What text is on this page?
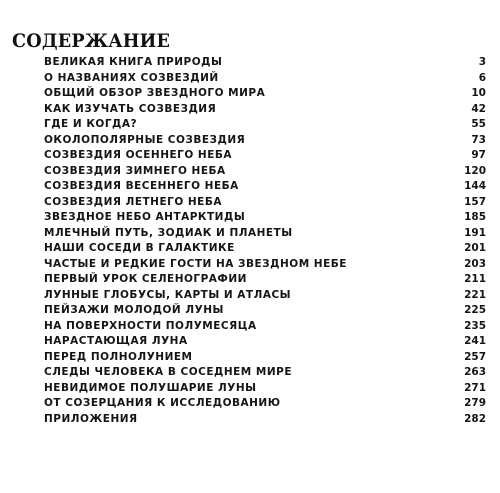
СОДЕРЖАНИЕ
ВЕЛИКАЯ КНИГА ПРИРОДЫ	3
О НАЗВАНИЯХ СОЗВЕЗДИЙ	6
ОБЩИЙ ОБЗОР ЗВЕЗДНОГО МИРА	10
КАК ИЗУЧАТЬ СОЗВЕЗДИЯ	42
ГДЕ И КОГДА?	55
ОКОЛОПОЛЯРНЫЕ СОЗВЕЗДИЯ	73
СОЗВЕЗДИЯ ОСЕННЕГО НЕБА	97
СОЗВЕЗДИЯ ЗИМНЕГО НЕБА	120
СОЗВЕЗДИЯ ВЕСЕННЕГО НЕБА	144
СОЗВЕЗДИЯ ЛЕТНЕГО НЕБА	157
ЗВЕЗДНОЕ НЕБО АНТАРКТИДЫ	185
МЛЕЧНЫЙ ПУТЬ, ЗОДИАК И ПЛАНЕТЫ	191
НАШИ СОСЕДИ В ГАЛАКТИКЕ	201
ЧАСТЫЕ И РЕДКИЕ ГОСТИ НА ЗВЕЗДНОМ НЕБЕ	203
ПЕРВЫЙ УРОК СЕЛЕНОГРАФИИ	211
ЛУННЫЕ ГЛОБУСЫ, КАРТЫ И АТЛАСЫ	221
ПЕЙЗАЖИ МОЛОДОЙ ЛУНЫ	225
НА ПОВЕРХНОСТИ ПОЛУМЕСЯЦА	235
НАРАСТАЮЩАЯ ЛУНА	241
ПЕРЕД ПОЛНОЛУНИЕМ	257
СЛЕДЫ ЧЕЛОВЕКА В СОСЕДНЕМ МИРЕ	263
НЕВИДИМОЕ ПОЛУШАРИЕ ЛУНЫ	271
ОТ СОЗЕРЦАНИЯ К ИССЛЕДОВАНИЮ	279
ПРИЛОЖЕНИЯ	282
